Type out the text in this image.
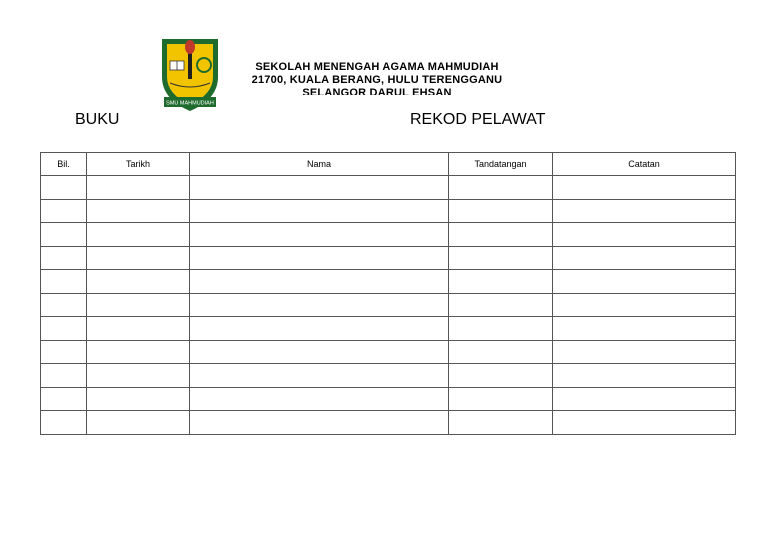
SMU MAHMUDIAH
SEKOLAH MENENGAH AGAMA MAHMUDIAH
21700, KUALA BERANG, HULU TERENGGANU
SELANGOR DARUL EHSAN
BUKU	REKOD PELAWAT
Bil.	Tarikh	Nama	Tandatangan	Catatan
